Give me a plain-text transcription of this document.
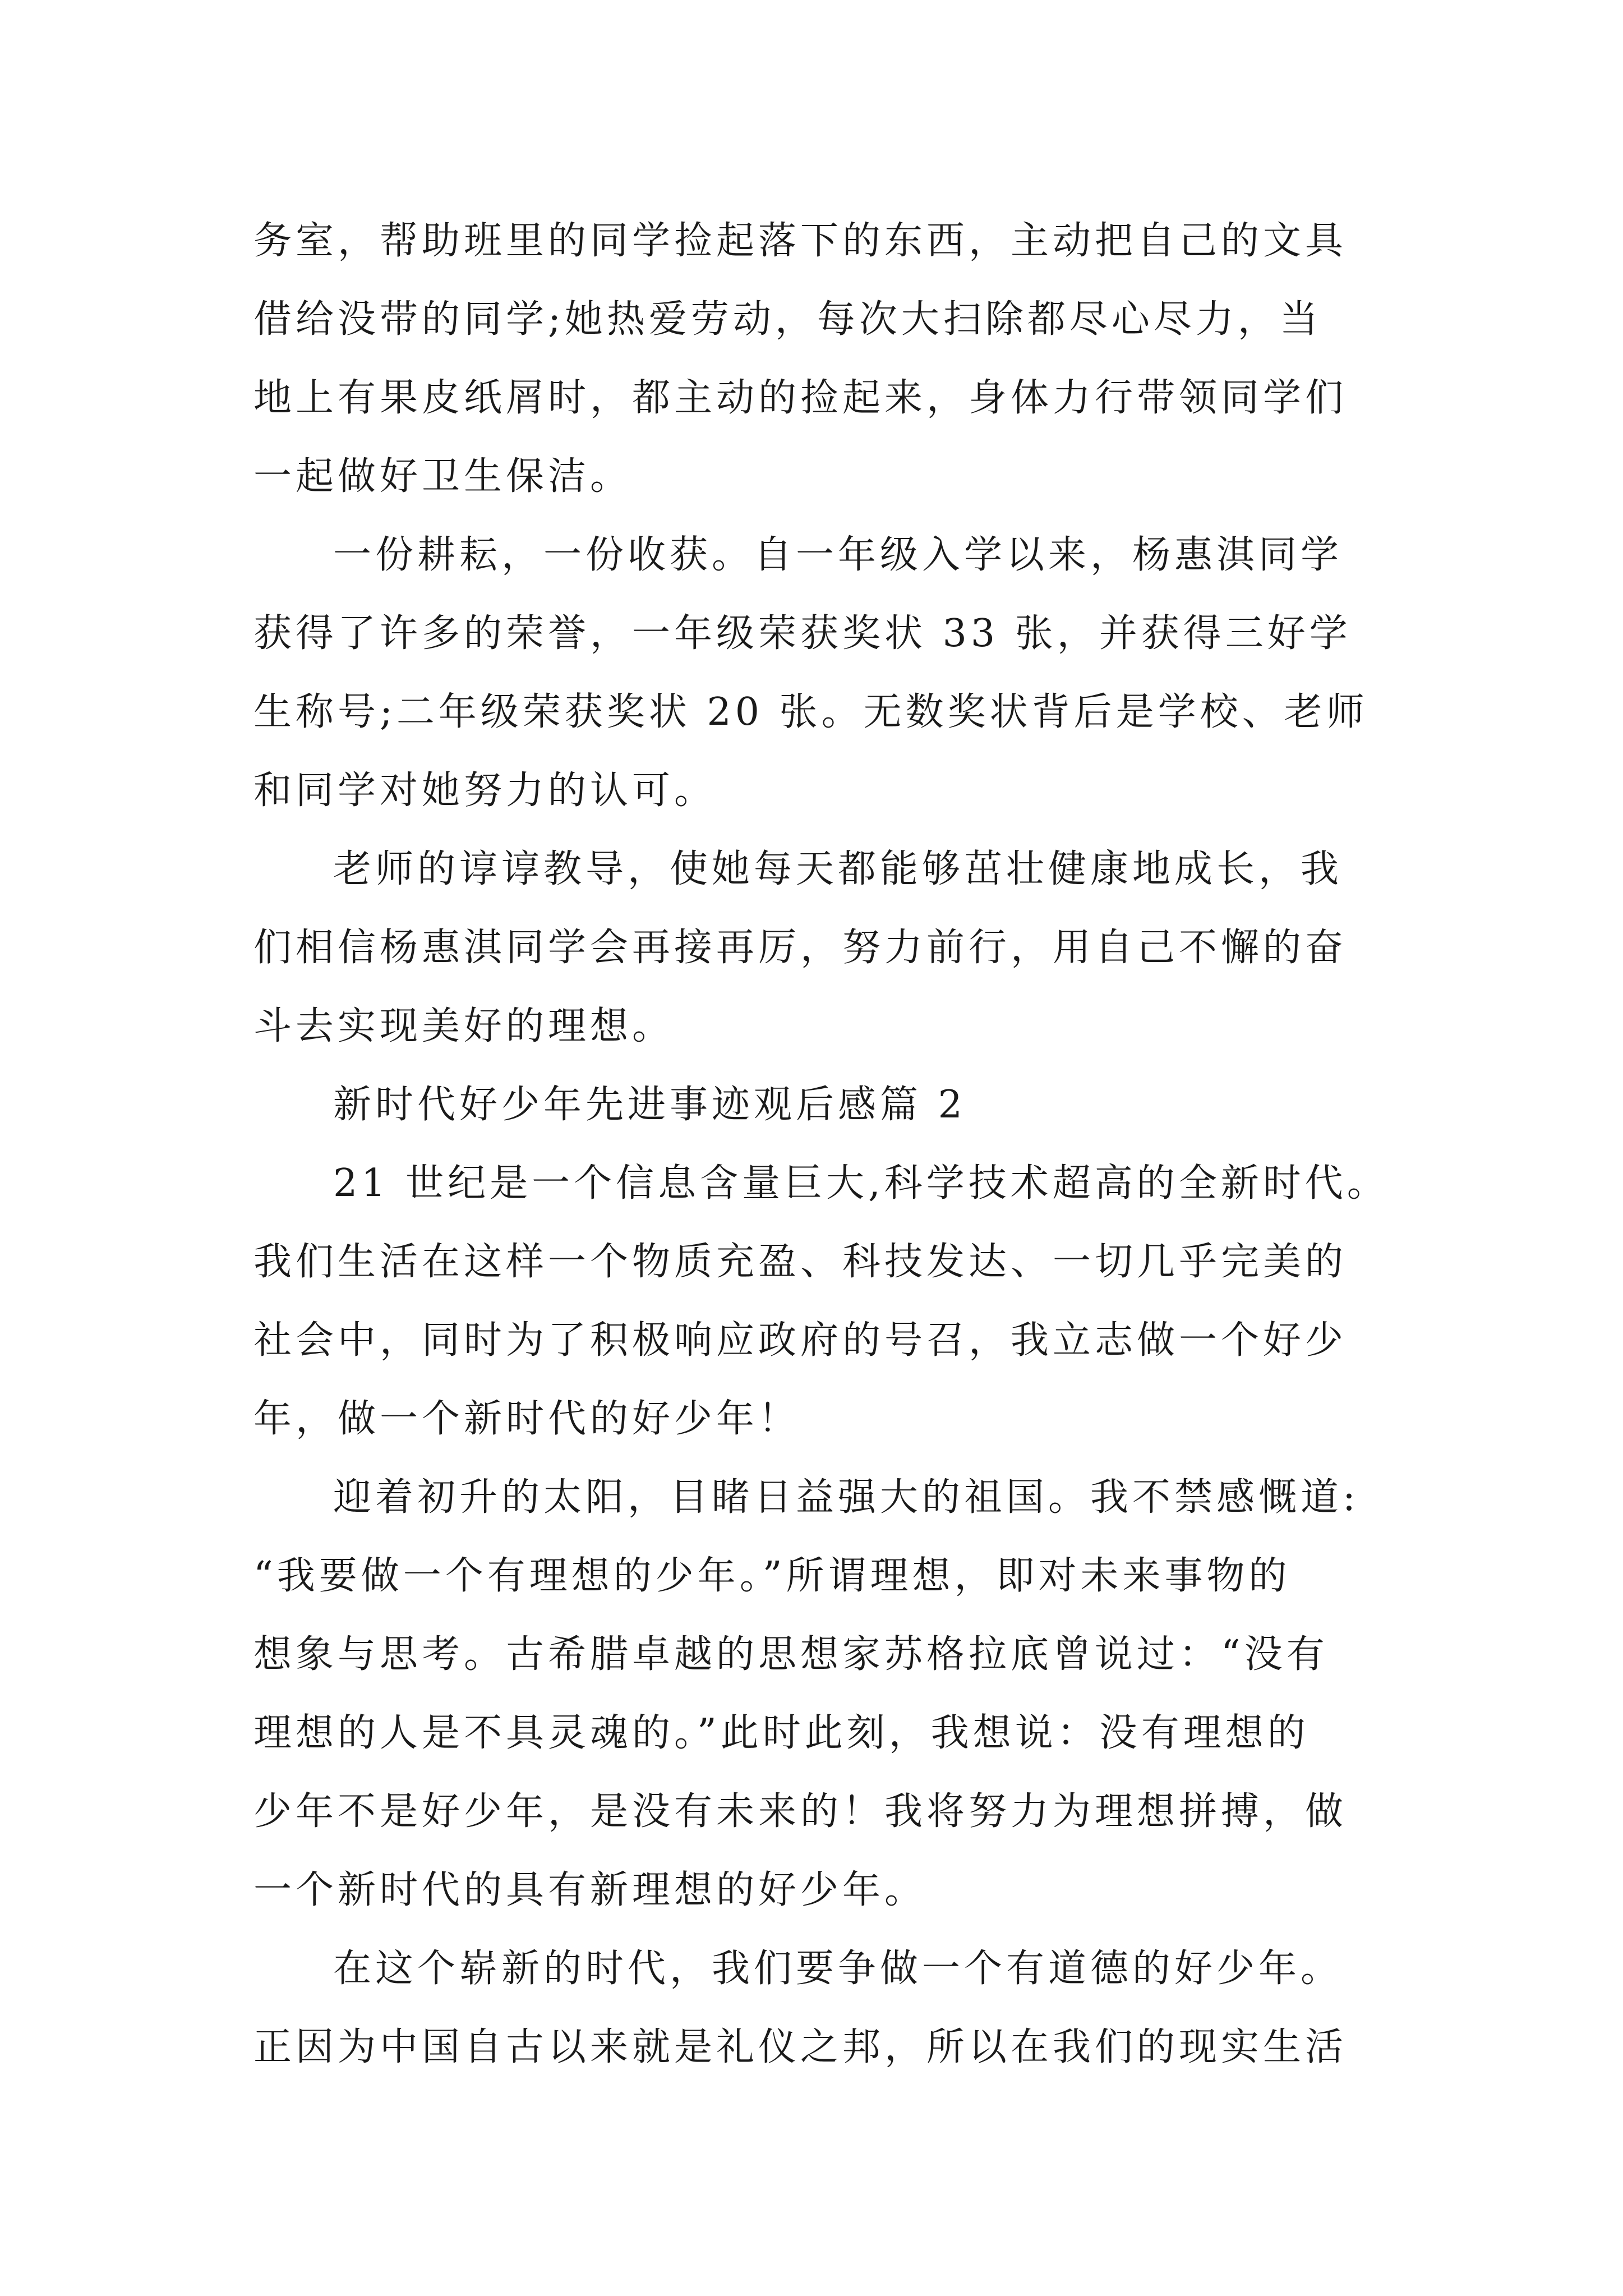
务室，帮助班里的同学捡起落下的东西，主动把自己的文具
借给没带的同学;她热爱劳动，每次大扫除都尽心尽力，当
地上有果皮纸屑时，都主动的捡起来，身体力行带领同学们
一起做好卫生保洁。
一份耕耘，一份收获。自一年级入学以来，杨惠淇同学
获得了许多的荣誉，一年级荣获奖状 33 张，并获得三好学
生称号;二年级荣获奖状 20 张。无数奖状背后是学校、老师
和同学对她努力的认可。
老师的谆谆教导，使她每天都能够茁壮健康地成长，我
们相信杨惠淇同学会再接再厉，努力前行，用自己不懈的奋
斗去实现美好的理想。
新时代好少年先进事迹观后感篇 2
21 世纪是一个信息含量巨大,科学技术超高的全新时代。
我们生活在这样一个物质充盈、科技发达、一切几乎完美的
社会中，同时为了积极响应政府的号召，我立志做一个好少
年，做一个新时代的好少年！
迎着初升的太阳，目睹日益强大的祖国。我不禁感慨道:
“我要做一个有理想的少年。”所谓理想，即对未来事物的
想象与思考。古希腊卓越的思想家苏格拉底曾说过：“没有
理想的人是不具灵魂的。”此时此刻，我想说：没有理想的
少年不是好少年，是没有未来的！我将努力为理想拼搏，做
一个新时代的具有新理想的好少年。
在这个崭新的时代，我们要争做一个有道德的好少年。
正因为中国自古以来就是礼仪之邦，所以在我们的现实生活
